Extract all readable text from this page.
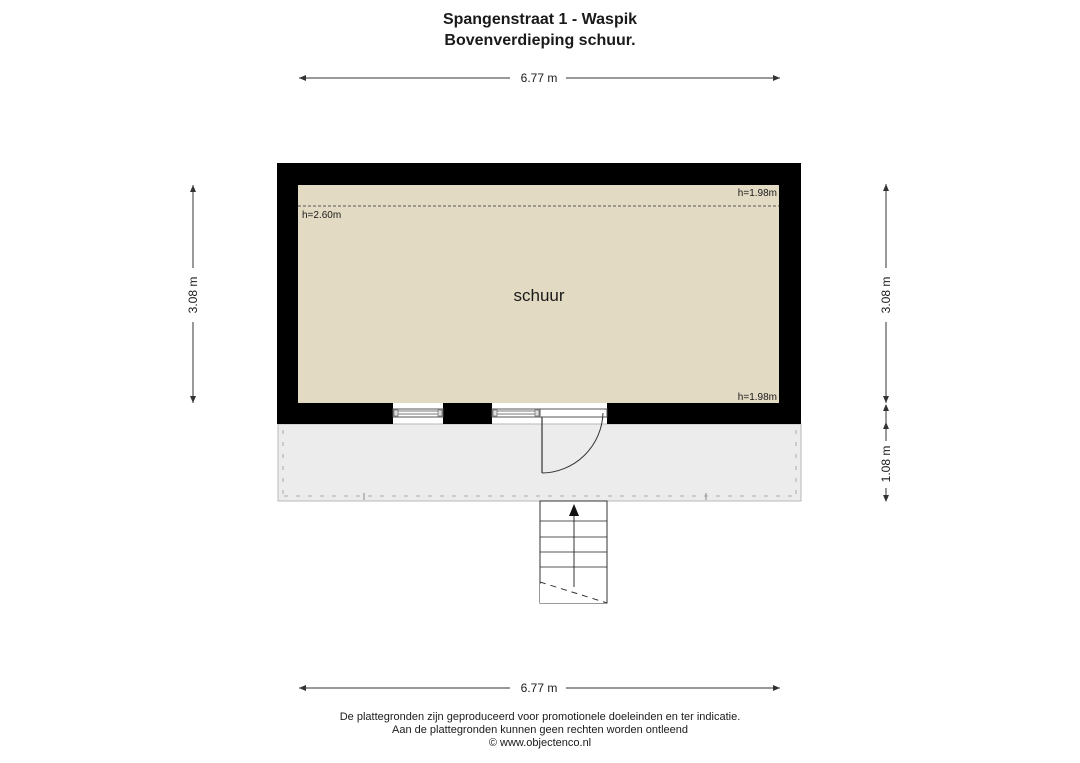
Spangenstraat 1 - Waspik
Bovenverdieping schuur.
6.77 m
6.77 m
3.08 m	3.08 m
1.08 m
schuur
h=1.98m
h=2.60m
h=1.98m
De plattegronden zijn geproduceerd voor promotionele doeleinden en ter indicatie.
Aan de plattegronden kunnen geen rechten worden ontleend
© www.objectenco.nl
